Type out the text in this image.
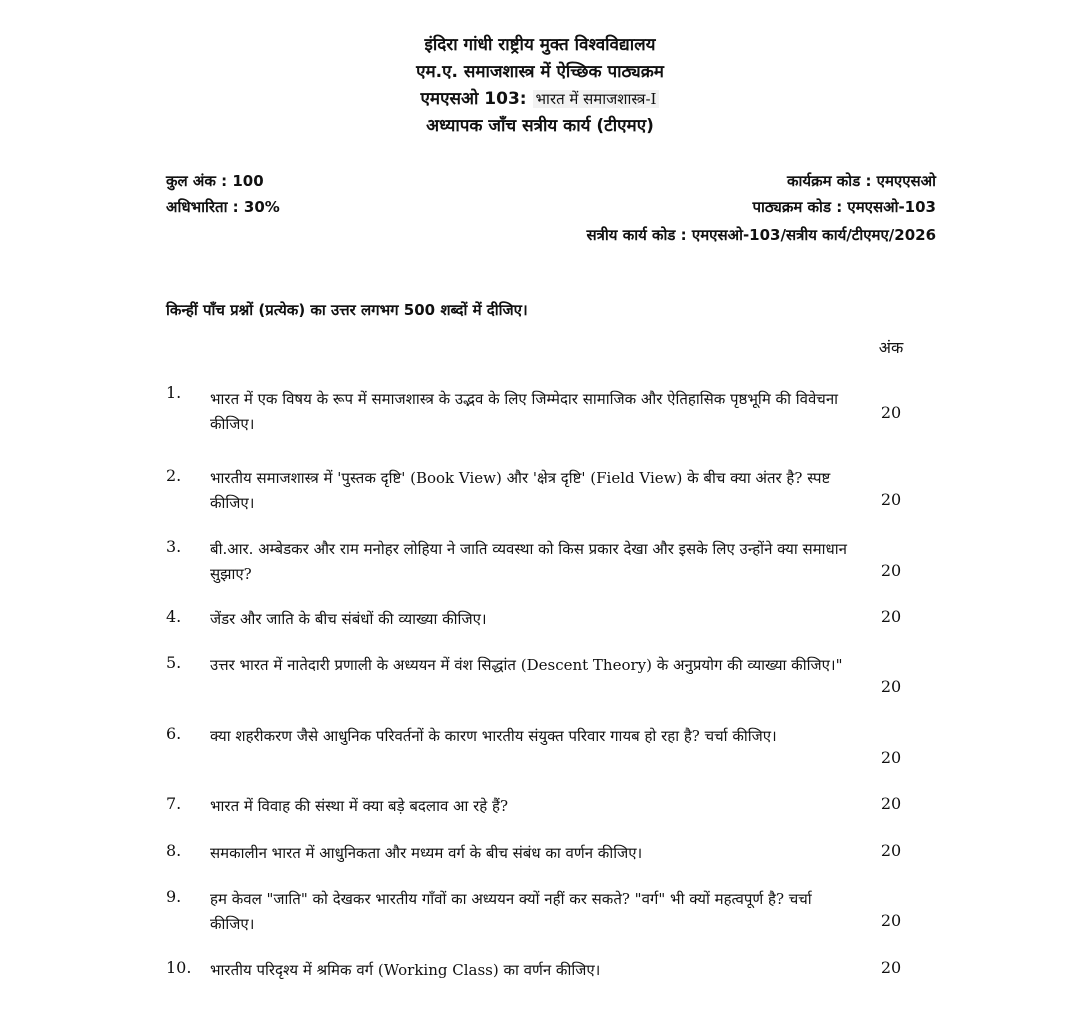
इंदिरा गांधी राष्ट्रीय मुक्त विश्वविद्यालय
एम.ए. समाजशास्त्र में ऐच्छिक पाठ्यक्रम
एमएसओ 103: भारत में समाजशास्त्र-I
अध्यापक जाँच सत्रीय कार्य (टीएमए)
कुल अंक : 100
अधिभारिता : 30%
कार्यक्रम कोड : एमएएसओ
पाठ्यक्रम कोड : एमएसओ-103
सत्रीय कार्य कोड : एमएसओ-103/सत्रीय कार्य/टीएमए/2026
किन्हीं पाँच प्रश्नों (प्रत्येक) का उत्तर लगभग 500 शब्दों में दीजिए।
अंक
1. भारत में एक विषय के रूप में समाजशास्त्र के उद्भव के लिए जिम्मेदार सामाजिक और ऐतिहासिक पृष्ठभूमि की विवेचना कीजिए।
20
2. भारतीय समाजशास्त्र में 'पुस्तक दृष्टि' (Book View) और 'क्षेत्र दृष्टि' (Field View) के बीच क्या अंतर है? स्पष्ट कीजिए।	20
3. बी.आर. अम्बेडकर और राम मनोहर लोहिया ने जाति व्यवस्था को किस प्रकार देखा और इसके लिए उन्होंने क्या समाधान सुझाए?	20
4. जेंडर और जाति के बीच संबंधों की व्याख्या कीजिए।	20
5. उत्तर भारत में नातेदारी प्रणाली के अध्ययन में वंश सिद्धांत (Descent Theory) के अनुप्रयोग की व्याख्या कीजिए।"
20
6. क्या शहरीकरण जैसे आधुनिक परिवर्तनों के कारण भारतीय संयुक्त परिवार गायब हो रहा है? चर्चा कीजिए।
20
7. भारत में विवाह की संस्था में क्या बड़े बदलाव आ रहे हैं?	20
8. समकालीन भारत में आधुनिकता और मध्यम वर्ग के बीच संबंध का वर्णन कीजिए।	20
9. हम केवल "जाति" को देखकर भारतीय गाँवों का अध्ययन क्यों नहीं कर सकते? "वर्ग" भी क्यों महत्वपूर्ण है? चर्चा कीजिए।	20
10. भारतीय परिदृश्य में श्रमिक वर्ग (Working Class) का वर्णन कीजिए।	20
